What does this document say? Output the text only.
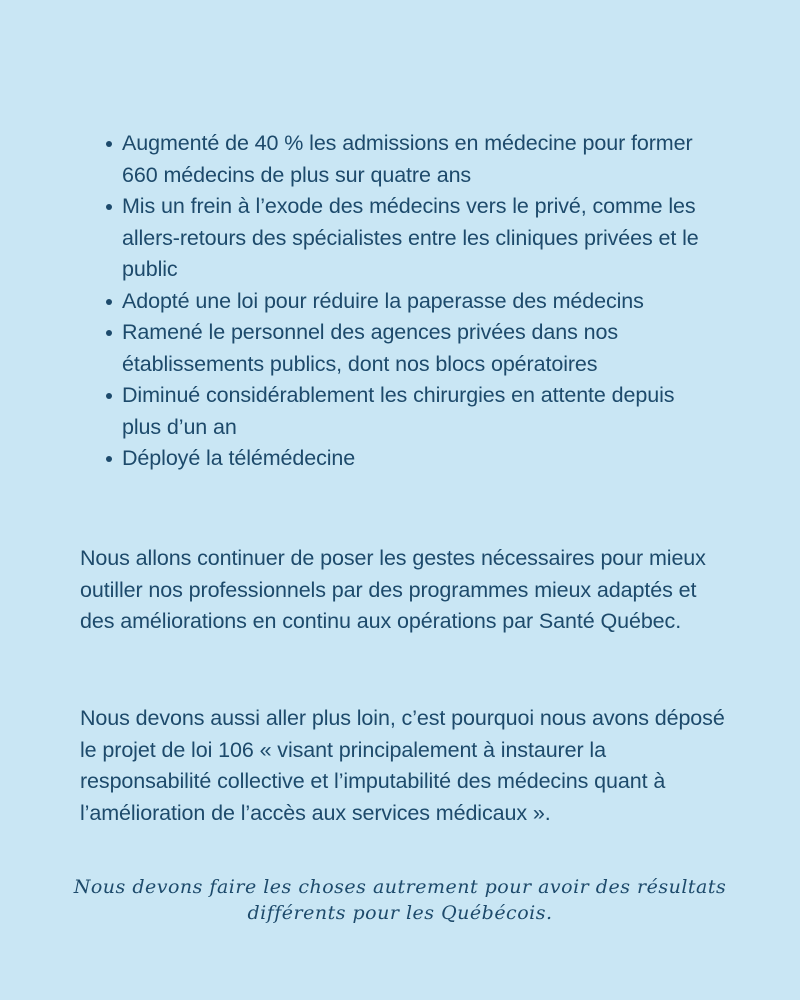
Augmenté de 40 % les admissions en médecine pour former 660 médecins de plus sur quatre ans
Mis un frein à l’exode des médecins vers le privé, comme les allers-retours des spécialistes entre les cliniques privées et le public
Adopté une loi pour réduire la paperasse des médecins
Ramené le personnel des agences privées dans nos établissements publics, dont nos blocs opératoires
Diminué considérablement les chirurgies en attente depuis plus d’un an
Déployé la télémédecine

Nous allons continuer de poser les gestes nécessaires pour mieux outiller nos professionnels par des programmes mieux adaptés et des améliorations en continu aux opérations par Santé Québec.

Nous devons aussi aller plus loin, c’est pourquoi nous avons déposé le projet de loi 106 « visant principalement à instaurer la responsabilité collective et l’imputabilité des médecins quant à l’amélioration de l’accès aux services médicaux ».

Nous devons faire les choses autrement pour avoir des résultats différents pour les Québécois.
